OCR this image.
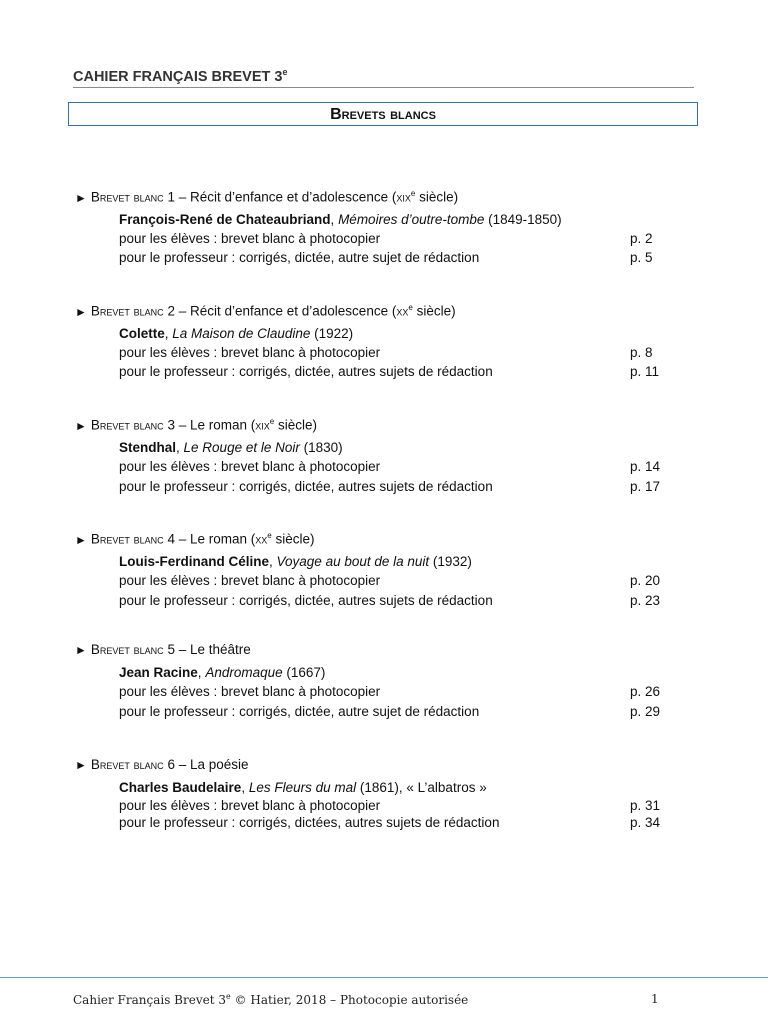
CAHIER FRANÇAIS BREVET 3e
Brevets blancs
► Brevet blanc 1 – Récit d’enfance et d’adolescence (xix$^e$ siècle)
François-René de Chateaubriand, Mémoires d’outre-tombe (1849-1850)
pour les élèves : brevet blanc à photocopier	p. 2
pour le professeur : corrigés, dictée, autre sujet de rédaction	p. 5
► Brevet blanc 2 – Récit d’enfance et d’adolescence ($xx^e$ siècle)
Colette, La Maison de Claudine (1922)
pour les élèves : brevet blanc à photocopier	p. 8
pour le professeur : corrigés, dictée, autres sujets de rédaction	p. 11
► Brevet blanc 3 – Le roman (xix$^e$ siècle)
Stendhal, Le Rouge et le Noir (1830)
pour les élèves : brevet blanc à photocopier	p. 14
pour le professeur : corrigés, dictée, autres sujets de rédaction	p. 17
► Brevet blanc 4 – Le roman ($xx^e$ siècle)
Louis-Ferdinand Céline, Voyage au bout de la nuit (1932)
pour les élèves : brevet blanc à photocopier	p. 20
pour le professeur : corrigés, dictée, autres sujets de rédaction	p. 23
► Brevet blanc 5 – Le théâtre
Jean Racine, Andromaque (1667)
pour les élèves : brevet blanc à photocopier	p. 26
pour le professeur : corrigés, dictée, autre sujet de rédaction	p. 29
► Brevet blanc 6 – La poésie
Charles Baudelaire, Les Fleurs du mal (1861), « L’albatros »
pour les élèves : brevet blanc à photocopier	p. 31
pour le professeur : corrigés, dictées, autres sujets de rédaction	p. 34
Cahier Français Brevet 3e © Hatier, 2018 – Photocopie autorisée	1
